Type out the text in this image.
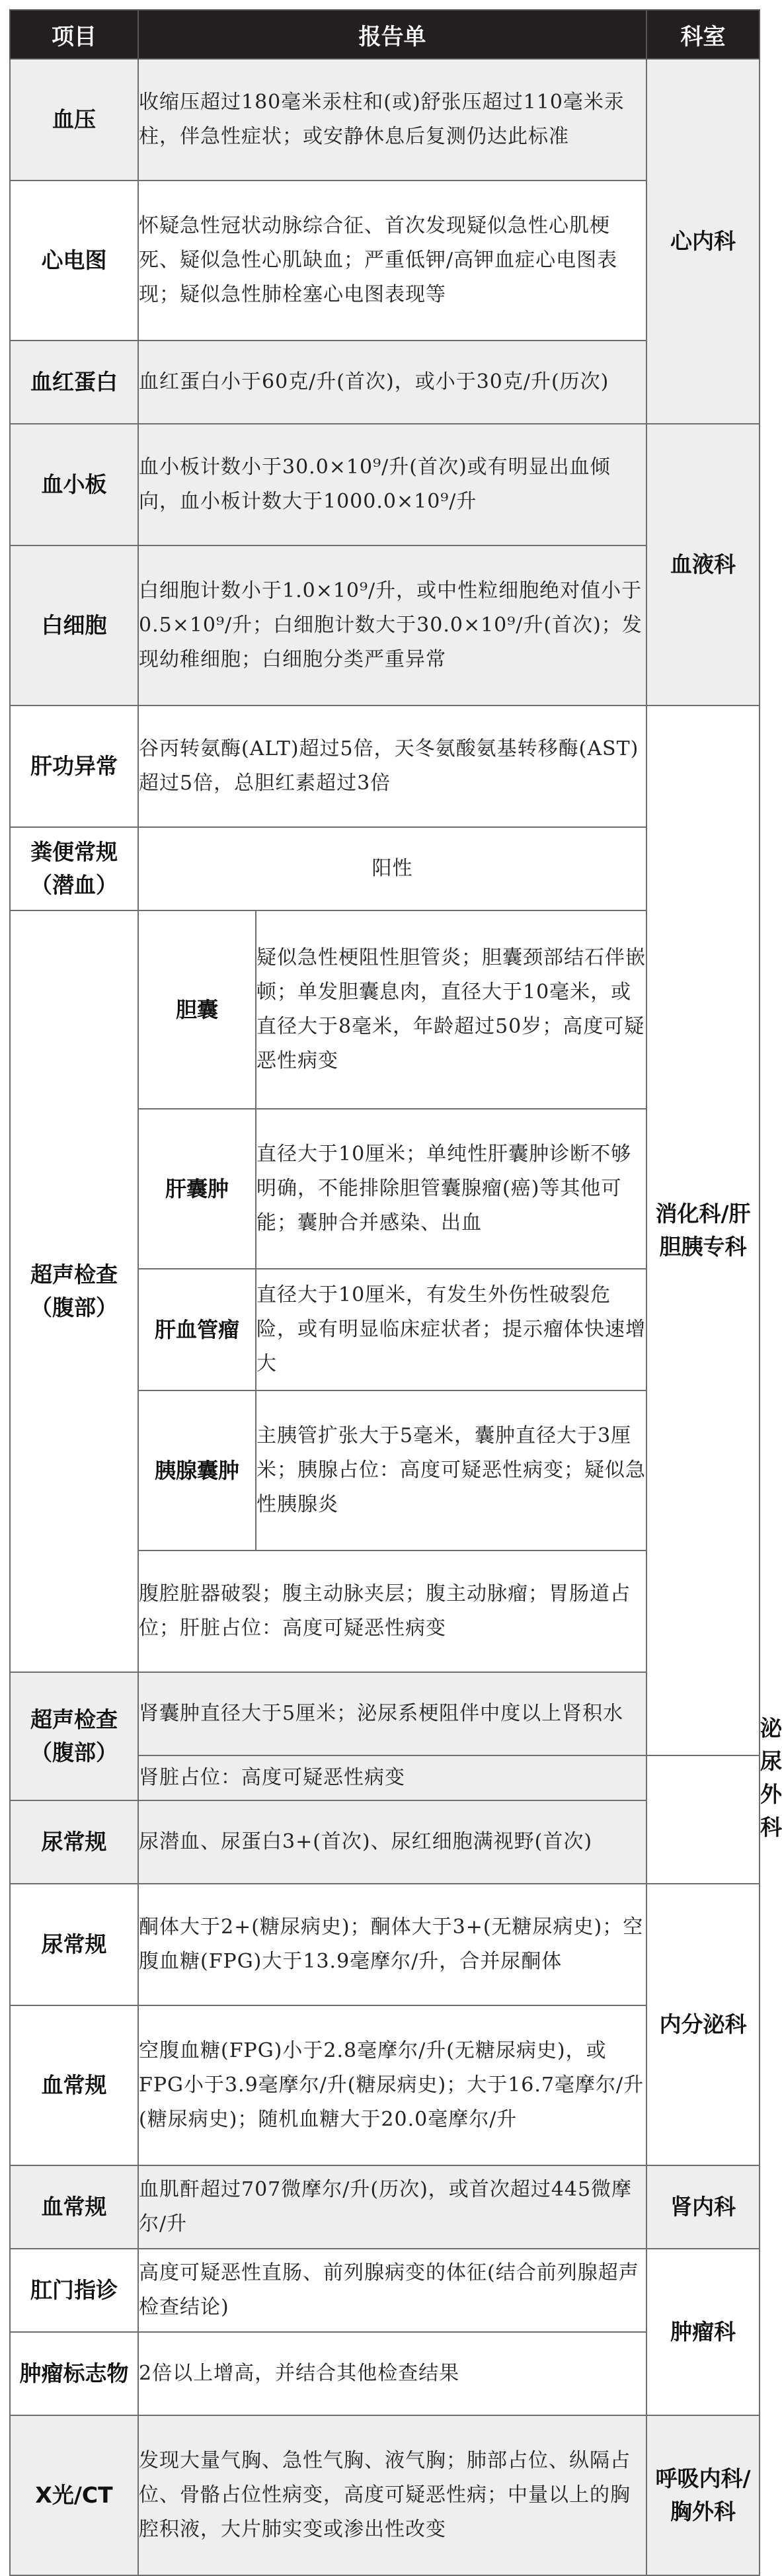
项目	报告单		科室	
血压	收缩压超过180毫米汞柱和(或)舒张压超过110毫米汞柱，伴急性症状；或安静休息后复测仍达此标准		心内科	
心电图	怀疑急性冠状动脉综合征、首次发现疑似急性心肌梗死、疑似急性心肌缺血；严重低钾/高钾血症心电图表现；疑似急性肺栓塞心电图表现等			
血红蛋白	血红蛋白小于60克/升(首次)，或小于30克/升(历次)			
血小板	血小板计数小于30.0×10⁹/升(首次)或有明显出血倾向，血小板计数大于1000.0×10⁹/升		血液科	
白细胞	白细胞计数小于1.0×10⁹/升，或中性粒细胞绝对值小于0.5×10⁹/升；白细胞计数大于30.0×10⁹/升(首次)；发现幼稚细胞；白细胞分类严重异常			
肝功异常	谷丙转氨酶(ALT)超过5倍，天冬氨酸氨基转移酶(AST)超过5倍，总胆红素超过3倍		消化科/肝胆胰专科	
粪便常规（潜血）	阳性			
超声检查（腹部）	胆囊	疑似急性梗阻性胆管炎；胆囊颈部结石伴嵌顿；单发胆囊息肉，直径大于10毫米，或直径大于8毫米，年龄超过50岁；高度可疑恶性病变		
	肝囊肿	直径大于10厘米；单纯性肝囊肿诊断不够明确，不能排除胆管囊腺瘤(癌)等其他可能；囊肿合并感染、出血		
	肝血管瘤	直径大于10厘米，有发生外伤性破裂危险，或有明显临床症状者；提示瘤体快速增大		
	胰腺囊肿	主胰管扩张大于5毫米，囊肿直径大于3厘米；胰腺占位：高度可疑恶性病变；疑似急性胰腺炎		
	腹腔脏器破裂；腹主动脉夹层；腹主动脉瘤；胃肠道占位；肝脏占位：高度可疑恶性病变			
超声检查（腹部）	肾囊肿直径大于5厘米；泌尿系梗阻伴中度以上肾积水			泌尿外科
	肾脏占位：高度可疑恶性病变			
尿常规	尿潜血、尿蛋白3+(首次)、尿红细胞满视野(首次)			
尿常规	酮体大于2+(糖尿病史)；酮体大于3+(无糖尿病史)；空腹血糖(FPG)大于13.9毫摩尔/升，合并尿酮体		内分泌科	
血常规	空腹血糖(FPG)小于2.8毫摩尔/升(无糖尿病史)，或FPG小于3.9毫摩尔/升(糖尿病史)；大于16.7毫摩尔/升(糖尿病史)；随机血糖大于20.0毫摩尔/升			
血常规	血肌酐超过707微摩尔/升(历次)，或首次超过445微摩尔/升		肾内科	
肛门指诊	高度可疑恶性直肠、前列腺病变的体征(结合前列腺超声检查结论)		肿瘤科	
肿瘤标志物	2倍以上增高，并结合其他检查结果			
X光/CT	发现大量气胸、急性气胸、液气胸；肺部占位、纵隔占位、骨骼占位性病变，高度可疑恶性病；中量以上的胸腔积液，大片肺实变或渗出性改变		呼吸内科/胸外科	
